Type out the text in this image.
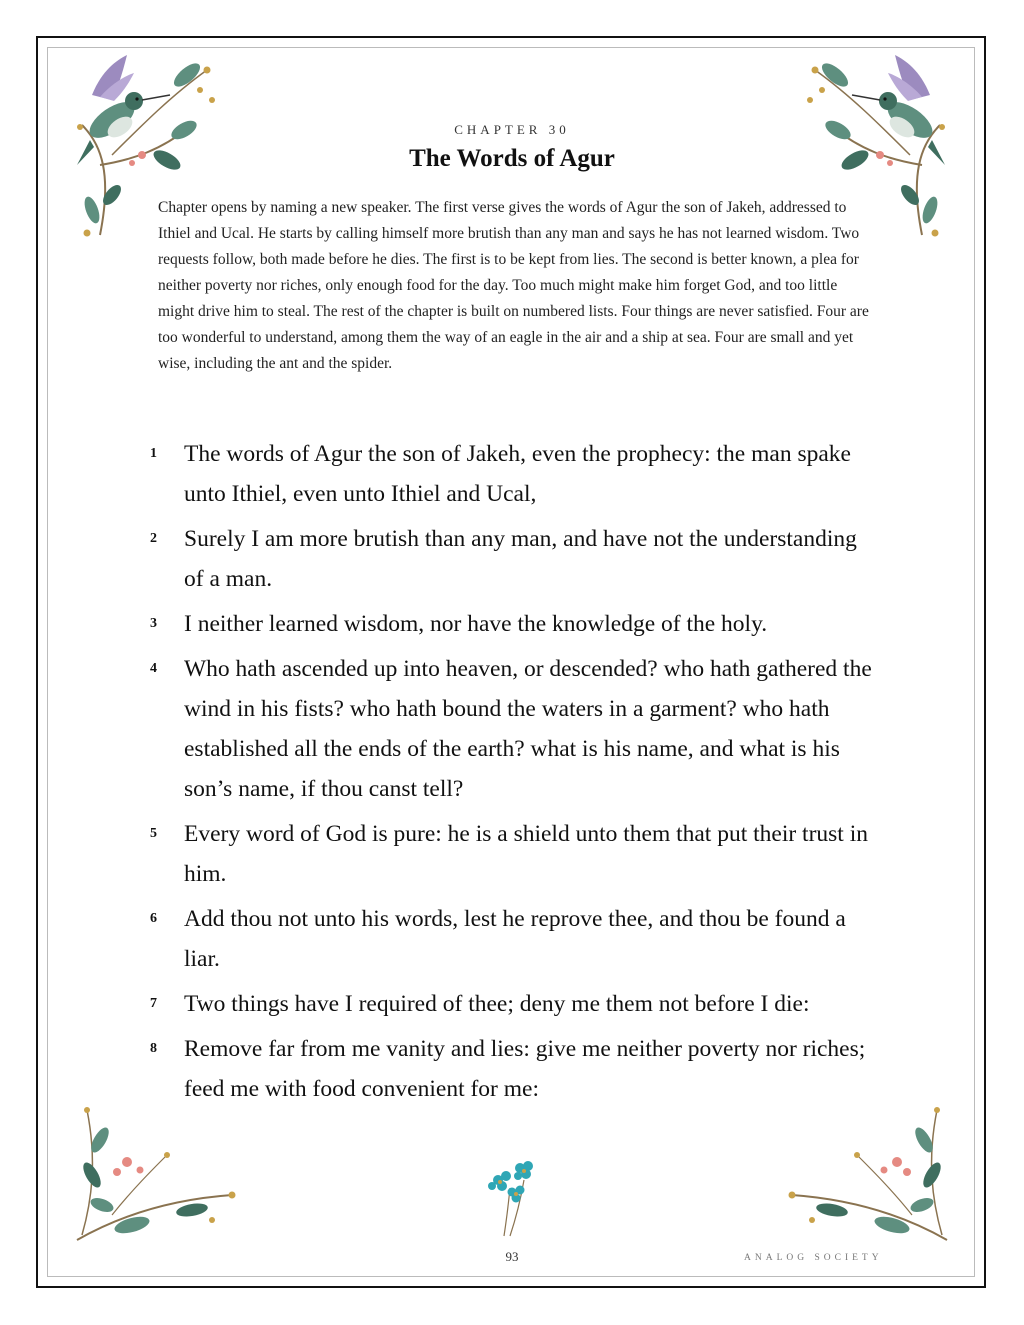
CHAPTER 30
The Words of Agur

Chapter opens by naming a new speaker. The first verse gives the words of Agur the son of Jakeh, addressed to Ithiel and Ucal. He starts by calling himself more brutish than any man and says he has not learned wisdom. Two requests follow, both made before he dies. The first is to be kept from lies. The second is better known, a plea for neither poverty nor riches, only enough food for the day. Too much might make him forget God, and too little might drive him to steal. The rest of the chapter is built on numbered lists. Four things are never satisfied. Four are too wonderful to understand, among them the way of an eagle in the air and a ship at sea. Four are small and yet wise, including the ant and the spider.

1	The words of Agur the son of Jakeh, even the prophecy: the man spake unto Ithiel, even unto Ithiel and Ucal,
2	Surely I am more brutish than any man, and have not the understanding of a man.
3	I neither learned wisdom, nor have the knowledge of the holy.
4	Who hath ascended up into heaven, or descended? who hath gathered the wind in his fists? who hath bound the waters in a garment? who hath established all the ends of the earth? what is his name, and what is his son’s name, if thou canst tell?
5	Every word of God is pure: he is a shield unto them that put their trust in him.
6	Add thou not unto his words, lest he reprove thee, and thou be found a liar.
7	Two things have I required of thee; deny me them not before I die:
8	Remove far from me vanity and lies: give me neither poverty nor riches; feed me with food convenient for me:
93	ANALOG SOCIETY
